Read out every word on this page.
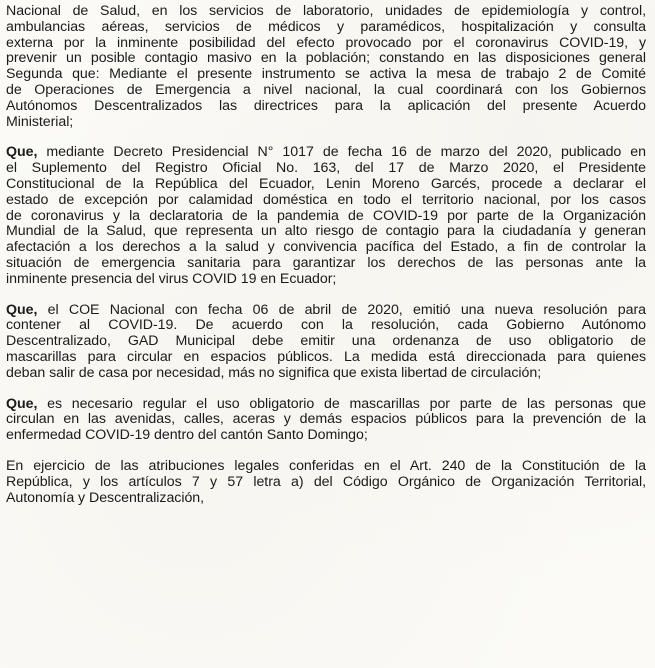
Nacional de Salud, en los servicios de laboratorio, unidades de epidemiología y control,
ambulancias aéreas, servicios de médicos y paramédicos, hospitalización y consulta
externa por la inminente posibilidad del efecto provocado por el coronavirus COVID-19, y
prevenir un posible contagio masivo en la población; constando en las disposiciones general
Segunda que: Mediante el presente instrumento se activa la mesa de trabajo 2 de Comité
de Operaciones de Emergencia a nivel nacional, la cual coordinará con los Gobiernos
Autónomos Descentralizados las directrices para la aplicación del presente Acuerdo
Ministerial;
Que, mediante Decreto Presidencial N° 1017 de fecha 16 de marzo del 2020, publicado en
el Suplemento del Registro Oficial No. 163, del 17 de Marzo 2020, el Presidente
Constitucional de la República del Ecuador, Lenin Moreno Garcés, procede a declarar el
estado de excepción por calamidad doméstica en todo el territorio nacional, por los casos
de coronavirus y la declaratoria de la pandemia de COVID-19 por parte de la Organización
Mundial de la Salud, que representa un alto riesgo de contagio para la ciudadanía y generan
afectación a los derechos a la salud y convivencia pacífica del Estado, a fin de controlar la
situación de emergencia sanitaria para garantizar los derechos de las personas ante la
inminente presencia del virus COVID 19 en Ecuador;
Que, el COE Nacional con fecha 06 de abril de 2020, emitió una nueva resolución para
contener al COVID-19. De acuerdo con la resolución, cada Gobierno Autónomo
Descentralizado, GAD Municipal debe emitir una ordenanza de uso obligatorio de
mascarillas para circular en espacios públicos. La medida está direccionada para quienes
deban salir de casa por necesidad, más no significa que exista libertad de circulación;
Que, es necesario regular el uso obligatorio de mascarillas por parte de las personas que
circulan en las avenidas, calles, aceras y demás espacios públicos para la prevención de la
enfermedad COVID-19 dentro del cantón Santo Domingo;
En ejercicio de las atribuciones legales conferidas en el Art. 240 de la Constitución de la
República, y los artículos 7 y 57 letra a) del Código Orgánico de Organización Territorial,
Autonomía y Descentralización,
